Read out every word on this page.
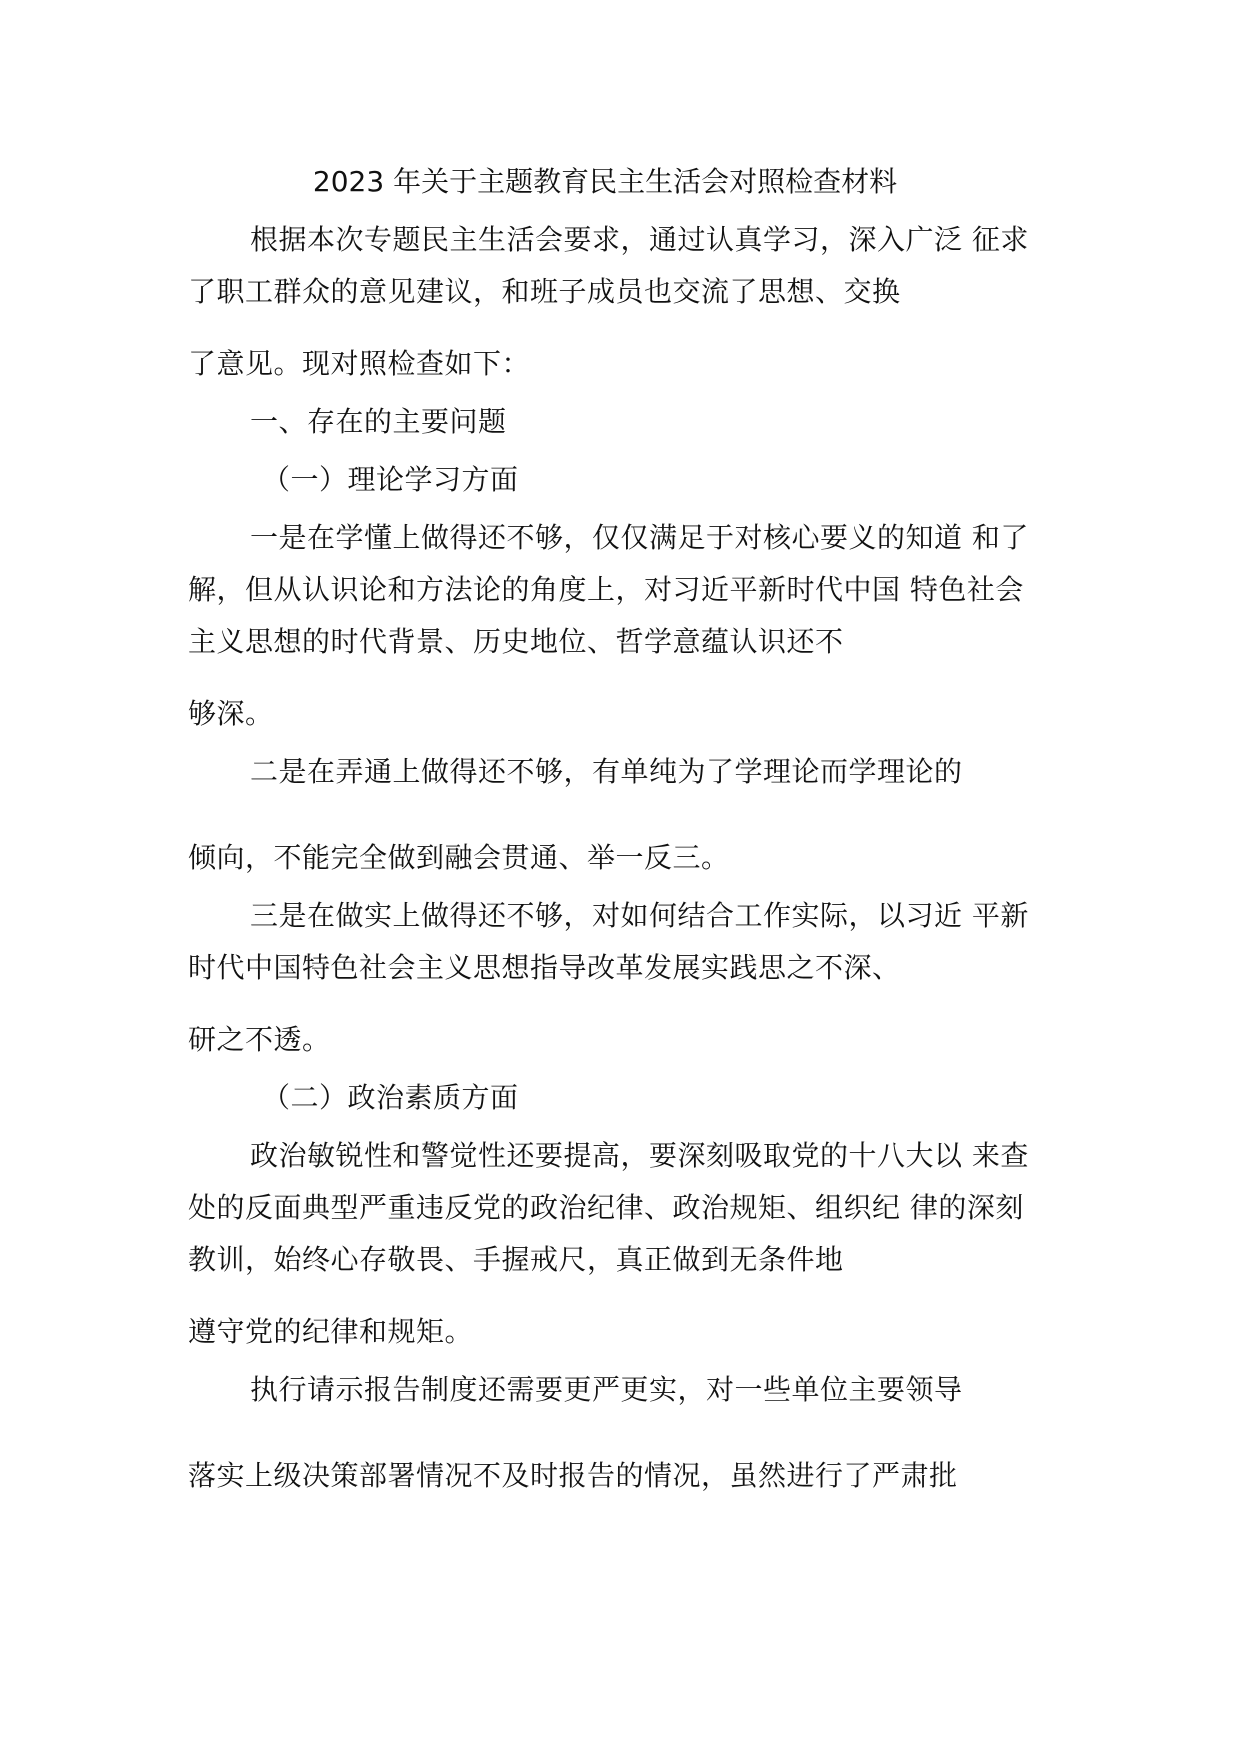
2023 年关于主题教育民主生活会对照检查材料
根据本次专题民主生活会要求，通过认真学习，深入广泛 征求
了职工群众的意见建议，和班子成员也交流了思想、交换
了意见。现对照检查如下：
一、存在的主要问题
（一）理论学习方面
一是在学懂上做得还不够，仅仅满足于对核心要义的知道 和了
解，但从认识论和方法论的角度上，对习近平新时代中国 特色社会
主义思想的时代背景、历史地位、哲学意蕴认识还不
够深。
二是在弄通上做得还不够，有单纯为了学理论而学理论的
倾向，不能完全做到融会贯通、举一反三。
三是在做实上做得还不够，对如何结合工作实际，以习近 平新
时代中国特色社会主义思想指导改革发展实践思之不深、
研之不透。
（二）政治素质方面
政治敏锐性和警觉性还要提高，要深刻吸取党的十八大以 来查
处的反面典型严重违反党的政治纪律、政治规矩、组织纪 律的深刻
教训，始终心存敬畏、手握戒尺，真正做到无条件地
遵守党的纪律和规矩。
执行请示报告制度还需要更严更实，对一些单位主要领导
落实上级决策部署情况不及时报告的情况，虽然进行了严肃批
